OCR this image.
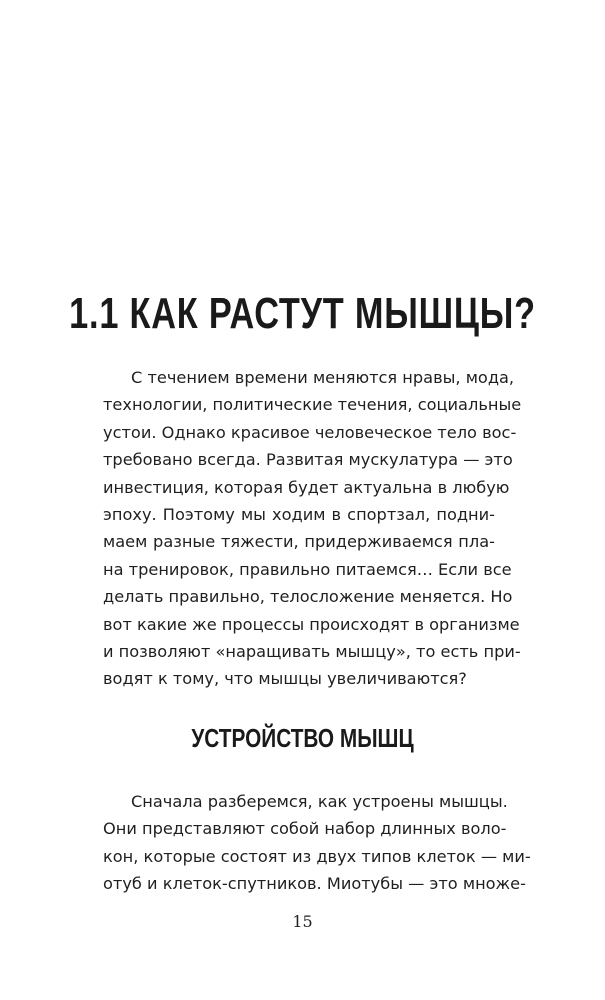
1.1 КАК РАСТУТ МЫШЦЫ?
С течением времени меняются нравы, мода,
технологии, политические течения, социальные
устои. Однако красивое человеческое тело вос-
требовано всегда. Развитая мускулатура — это
инвестиция, которая будет актуальна в любую
эпоху. Поэтому мы ходим в спортзал, подни-
маем разные тяжести, придерживаемся пла-
на тренировок, правильно питаемся… Если все
делать правильно, телосложение меняется. Но
вот какие же процессы происходят в организме
и позволяют «наращивать мышцу», то есть при-
водят к тому, что мышцы увеличиваются?
УСТРОЙСТВО МЫШЦ
Сначала разберемся, как устроены мышцы.
Они представляют собой набор длинных воло-
кон, которые состоят из двух типов клеток — ми-
отуб и клеток-спутников. Миотубы — это множе-
15
